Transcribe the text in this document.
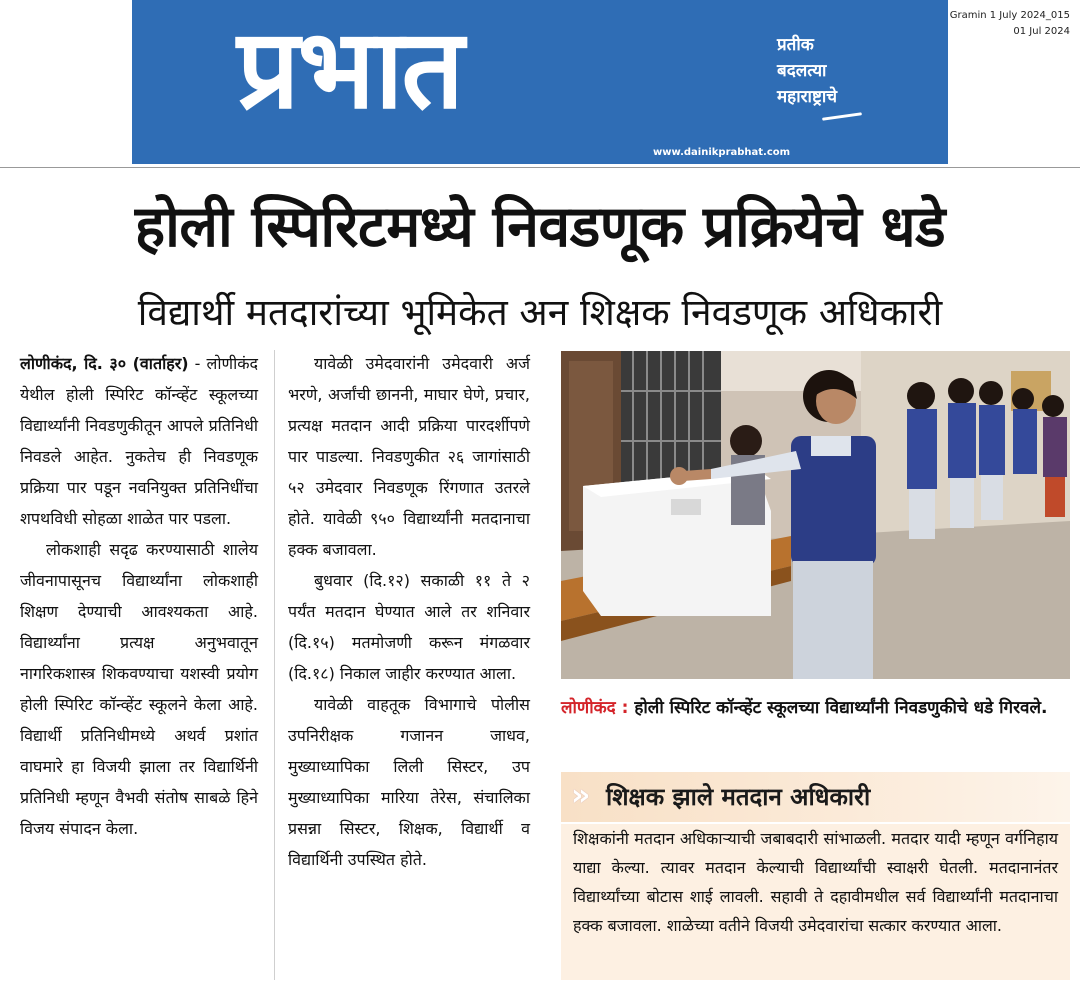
प्रभात	प्रतीक
बदलत्या
महाराष्ट्राचे
www.dainikprabhat.com
Gramin 1 July 2024_015
01 Jul 2024
होली स्पिरिटमध्ये निवडणूक प्रक्रियेचे धडे
विद्यार्थी मतदारांच्या भूमिकेत अन शिक्षक निवडणूक अधिकारी

लोणीकंद, दि. ३० (वार्ताहर) - लोणीकंद येथील होली स्पिरिट कॉन्व्हेंट स्कूलच्या विद्यार्थ्यांनी निवडणुकीतून आपले प्रतिनिधी निवडले आहेत. नुकतेच ही निवडणूक प्रक्रिया पार पडून नवनियुक्त प्रतिनिधींचा शपथविधी सोहळा शाळेत पार पडला.

लोकशाही सदृढ करण्यासाठी शालेय जीवनापासूनच विद्यार्थ्यांना लोकशाही शिक्षण देण्याची आवश्यकता आहे. विद्यार्थ्यांना प्रत्यक्ष अनुभवातून नागरिकशास्त्र शिकवण्याचा यशस्वी प्रयोग होली स्पिरिट कॉन्व्हेंट स्कूलने केला आहे. विद्यार्थी प्रतिनिधीमध्ये अथर्व प्रशांत वाघमारे हा विजयी झाला तर विद्यार्थिनी प्रतिनिधी म्हणून वैभवी संतोष साबळे हिने विजय संपादन केला.

यावेळी उमेदवारांनी उमेदवारी अर्ज भरणे, अर्जांची छाननी, माघार घेणे, प्रचार, प्रत्यक्ष मतदान आदी प्रक्रिया पारदर्शीपणे पार पाडल्या. निवडणुकीत २६ जागांसाठी ५२ उमेदवार निवडणूक रिंगणात उतरले होते. यावेळी ९५० विद्यार्थ्यांनी मतदानाचा हक्क बजावला.

बुधवार (दि.१२) सकाळी ११ ते २ पर्यंत मतदान घेण्यात आले तर शनिवार (दि.१५) मतमोजणी करून मंगळवार (दि.१८) निकाल जाहीर करण्यात आला.

यावेळी वाहतूक विभागाचे पोलीस उपनिरीक्षक गजानन जाधव, मुख्याध्यापिका लिली सिस्टर, उप मुख्याध्यापिका मारिया तेरेस, संचालिका प्रसन्ना सिस्टर, शिक्षक, विद्यार्थी व विद्यार्थिनी उपस्थित होते.

लोणीकंद : होली स्पिरिट कॉन्व्हेंट स्कूलच्या विद्यार्थ्यांनी निवडणुकीचे धडे गिरवले.
» शिक्षक झाले मतदान अधिकारी

शिक्षकांनी मतदान अधिकाऱ्याची जबाबदारी सांभाळली. मतदार यादी म्हणून वर्गनिहाय याद्या केल्या. त्यावर मतदान केल्याची विद्यार्थ्यांची स्वाक्षरी घेतली. मतदानानंतर विद्यार्थ्यांच्या बोटास शाई लावली. सहावी ते दहावीमधील सर्व विद्यार्थ्यांनी मतदानाचा हक्क बजावला. शाळेच्या वतीने विजयी उमेदवारांचा सत्कार करण्यात आला.
